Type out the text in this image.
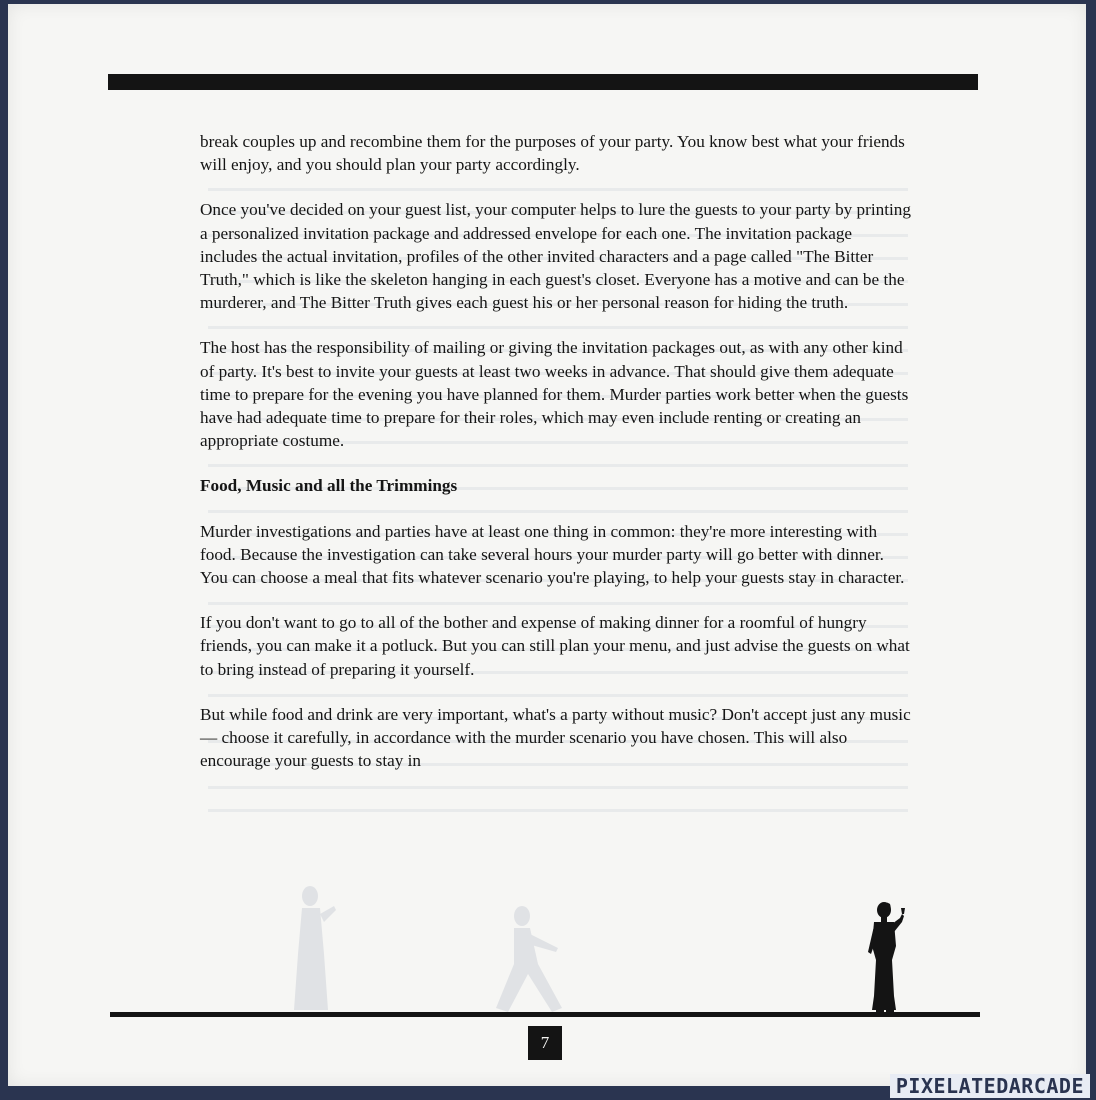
break couples up and recombine them for the purposes of your party. You know best what your friends will enjoy, and you should plan your party accordingly.

Once you've decided on your guest list, your computer helps to lure the guests to your party by printing a personalized invitation package and addressed envelope for each one. The invitation package includes the actual invitation, profiles of the other invited characters and a page called "The Bitter Truth," which is like the skeleton hanging in each guest's closet. Everyone has a motive and can be the murderer, and The Bitter Truth gives each guest his or her personal reason for hiding the truth.

The host has the responsibility of mailing or giving the invitation packages out, as with any other kind of party. It's best to invite your guests at least two weeks in advance. That should give them adequate time to prepare for the evening you have planned for them. Murder parties work better when the guests have had adequate time to prepare for their roles, which may even include renting or creating an appropriate costume.

Food, Music and all the Trimmings

Murder investigations and parties have at least one thing in common: they're more interesting with food. Because the investigation can take several hours your murder party will go better with dinner. You can choose a meal that fits whatever scenario you're playing, to help your guests stay in character.

If you don't want to go to all of the bother and expense of making dinner for a roomful of hungry friends, you can make it a potluck. But you can still plan your menu, and just advise the guests on what to bring instead of preparing it yourself.

But while food and drink are very important, what's a party without music? Don't accept just any music — choose it carefully, in accordance with the murder scenario you have chosen. This will also encourage your guests to stay in

7
PIXELATEDARCADE
